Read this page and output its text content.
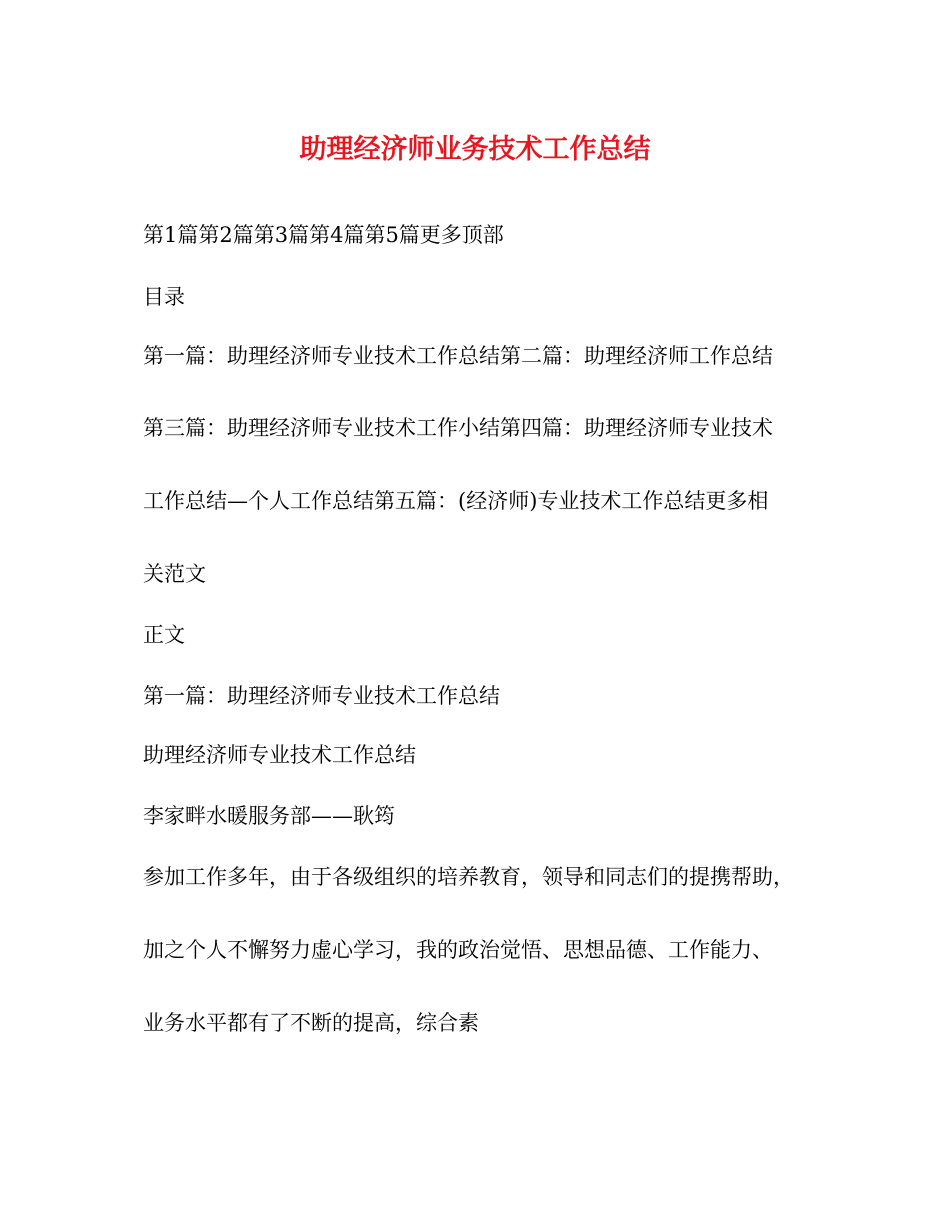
助理经济师业务技术工作总结
第1篇第2篇第3篇第4篇第5篇更多顶部
目录
第一篇：助理经济师专业技术工作总结第二篇：助理经济师工作总结
第三篇：助理经济师专业技术工作小结第四篇：助理经济师专业技术
工作总结—个人工作总结第五篇：(经济师)专业技术工作总结更多相
关范文
正文
第一篇：助理经济师专业技术工作总结
助理经济师专业技术工作总结
李家畔水暖服务部——耿筠
参加工作多年，由于各级组织的培养教育，领导和同志们的提携帮助，
加之个人不懈努力虚心学习，我的政治觉悟、思想品德、工作能力、
业务水平都有了不断的提高，综合素
